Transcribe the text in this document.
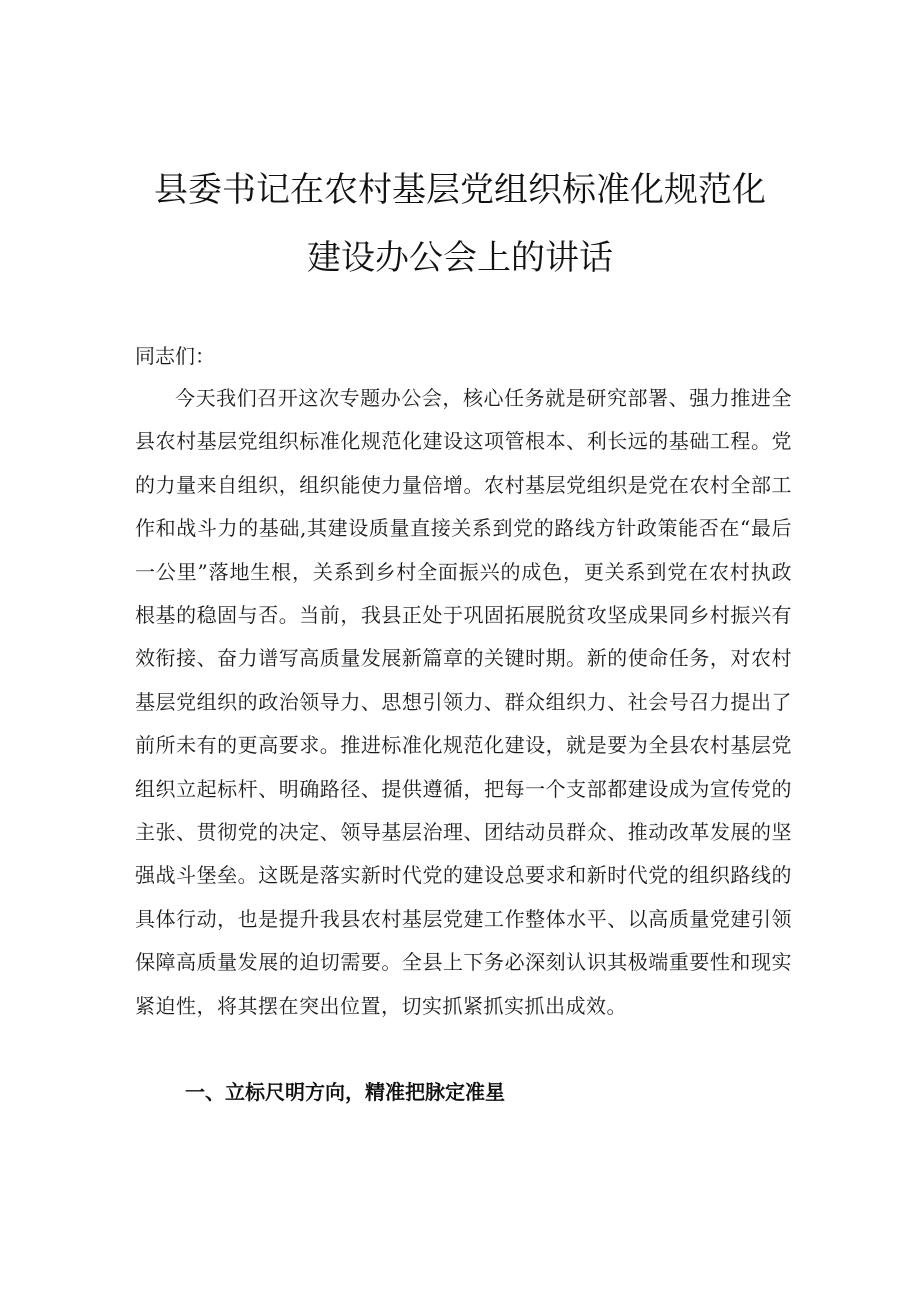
县委书记在农村基层党组织标准化规范化
建设办公会上的讲话

同志们：

今天我们召开这次专题办公会，核心任务就是研究部署、强力推进全县农村基层党组织标准化规范化建设这项管根本、利长远的基础工程。党的力量来自组织，组织能使力量倍增。农村基层党组织是党在农村全部工作和战斗力的基础,其建设质量直接关系到党的路线方针政策能否在“最后一公里”落地生根，关系到乡村全面振兴的成色，更关系到党在农村执政根基的稳固与否。当前，我县正处于巩固拓展脱贫攻坚成果同乡村振兴有效衔接、奋力谱写高质量发展新篇章的关键时期。新的使命任务，对农村基层党组织的政治领导力、思想引领力、群众组织力、社会号召力提出了前所未有的更高要求。推进标准化规范化建设，就是要为全县农村基层党组织立起标杆、明确路径、提供遵循，把每一个支部都建设成为宣传党的主张、贯彻党的决定、领导基层治理、团结动员群众、推动改革发展的坚强战斗堡垒。这既是落实新时代党的建设总要求和新时代党的组织路线的具体行动，也是提升我县农村基层党建工作整体水平、以高质量党建引领保障高质量发展的迫切需要。全县上下务必深刻认识其极端重要性和现实紧迫性，将其摆在突出位置，切实抓紧抓实抓出成效。

一、立标尺明方向，精准把脉定准星
